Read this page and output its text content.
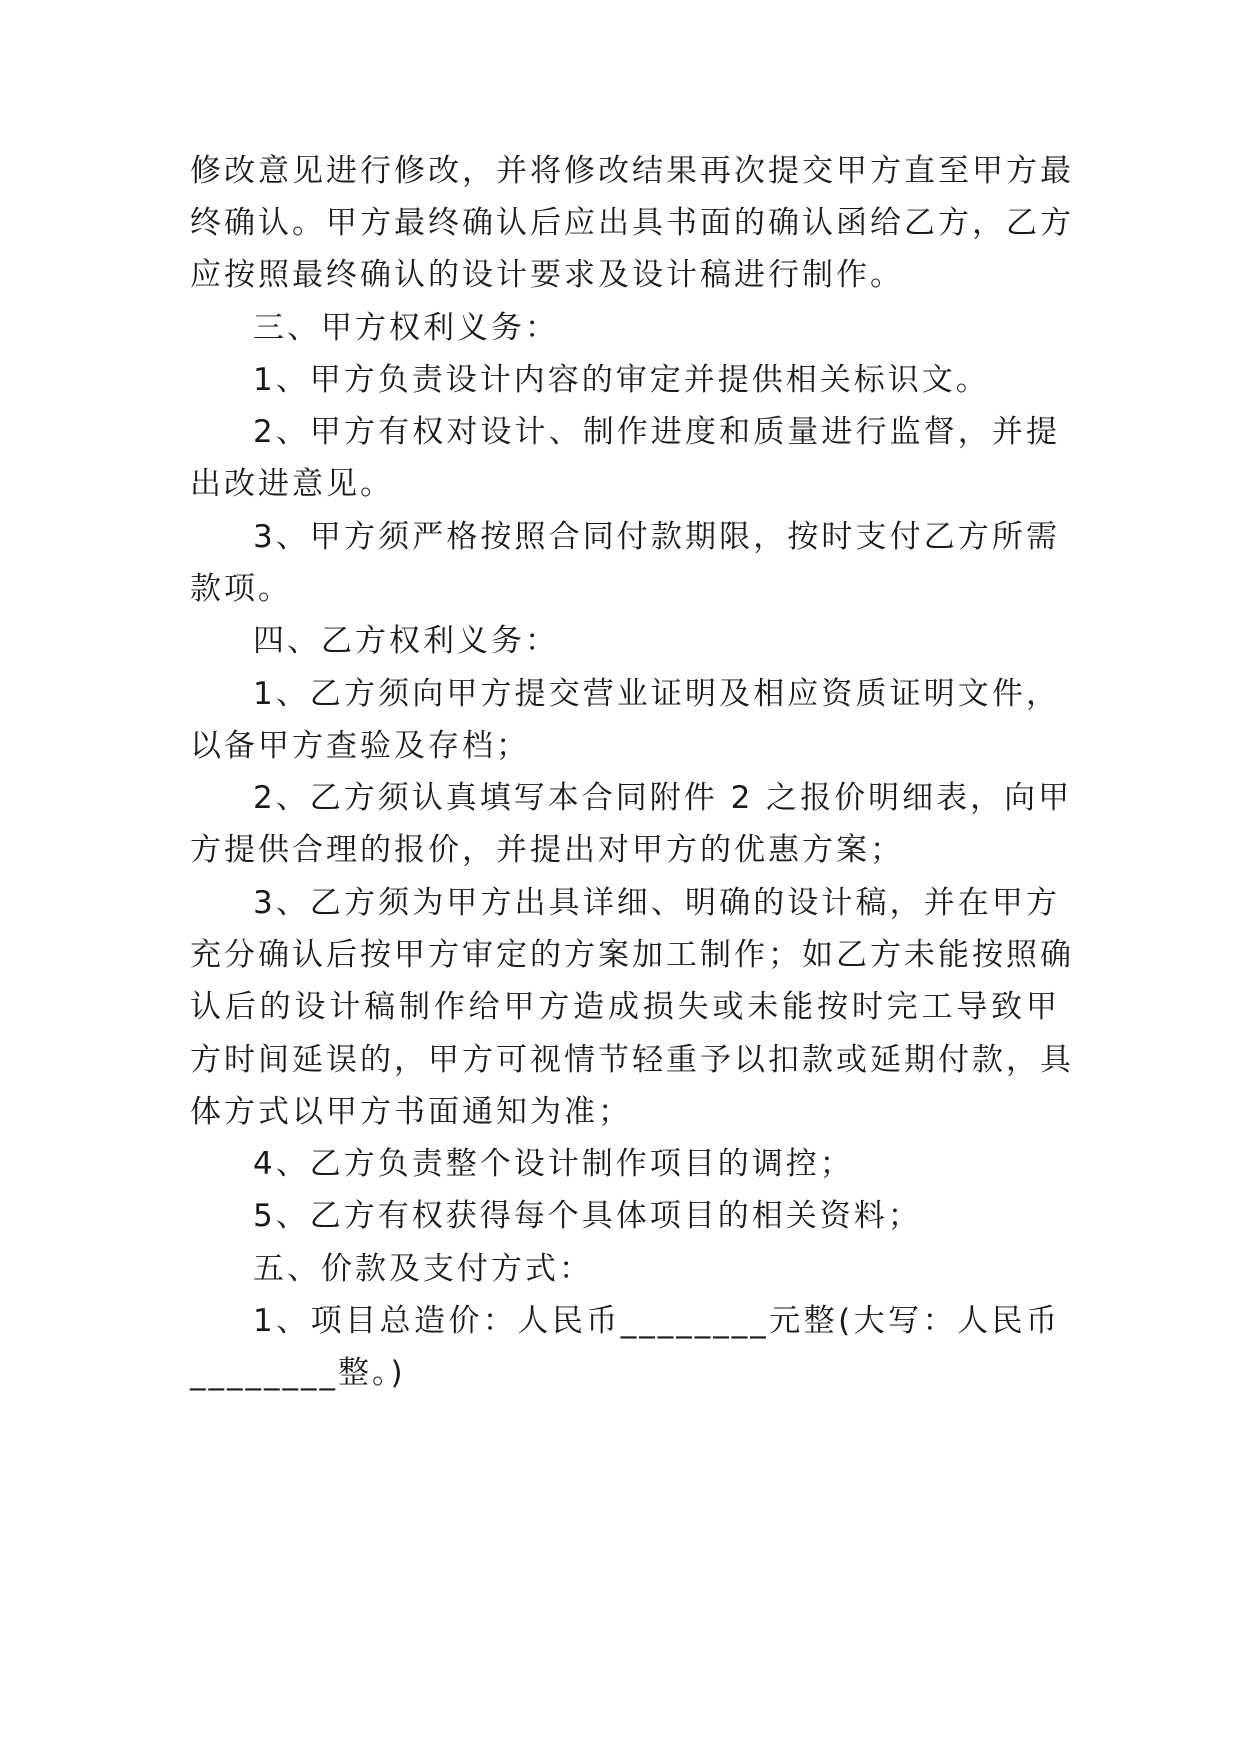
修改意见进行修改，并将修改结果再次提交甲方直至甲方最
终确认。甲方最终确认后应出具书面的确认函给乙方，乙方
应按照最终确认的设计要求及设计稿进行制作。
三、甲方权利义务：
1、甲方负责设计内容的审定并提供相关标识文。
2、甲方有权对设计、制作进度和质量进行监督，并提
出改进意见。
3、甲方须严格按照合同付款期限，按时支付乙方所需
款项。
四、乙方权利义务：
1、乙方须向甲方提交营业证明及相应资质证明文件，
以备甲方查验及存档；
2、乙方须认真填写本合同附件 2 之报价明细表，向甲
方提供合理的报价，并提出对甲方的优惠方案；
3、乙方须为甲方出具详细、明确的设计稿，并在甲方
充分确认后按甲方审定的方案加工制作；如乙方未能按照确
认后的设计稿制作给甲方造成损失或未能按时完工导致甲
方时间延误的，甲方可视情节轻重予以扣款或延期付款，具
体方式以甲方书面通知为准；
4、乙方负责整个设计制作项目的调控；
5、乙方有权获得每个具体项目的相关资料；
五、价款及支付方式：
1、项目总造价：人民币________元整(大写：人民币
________整。)
